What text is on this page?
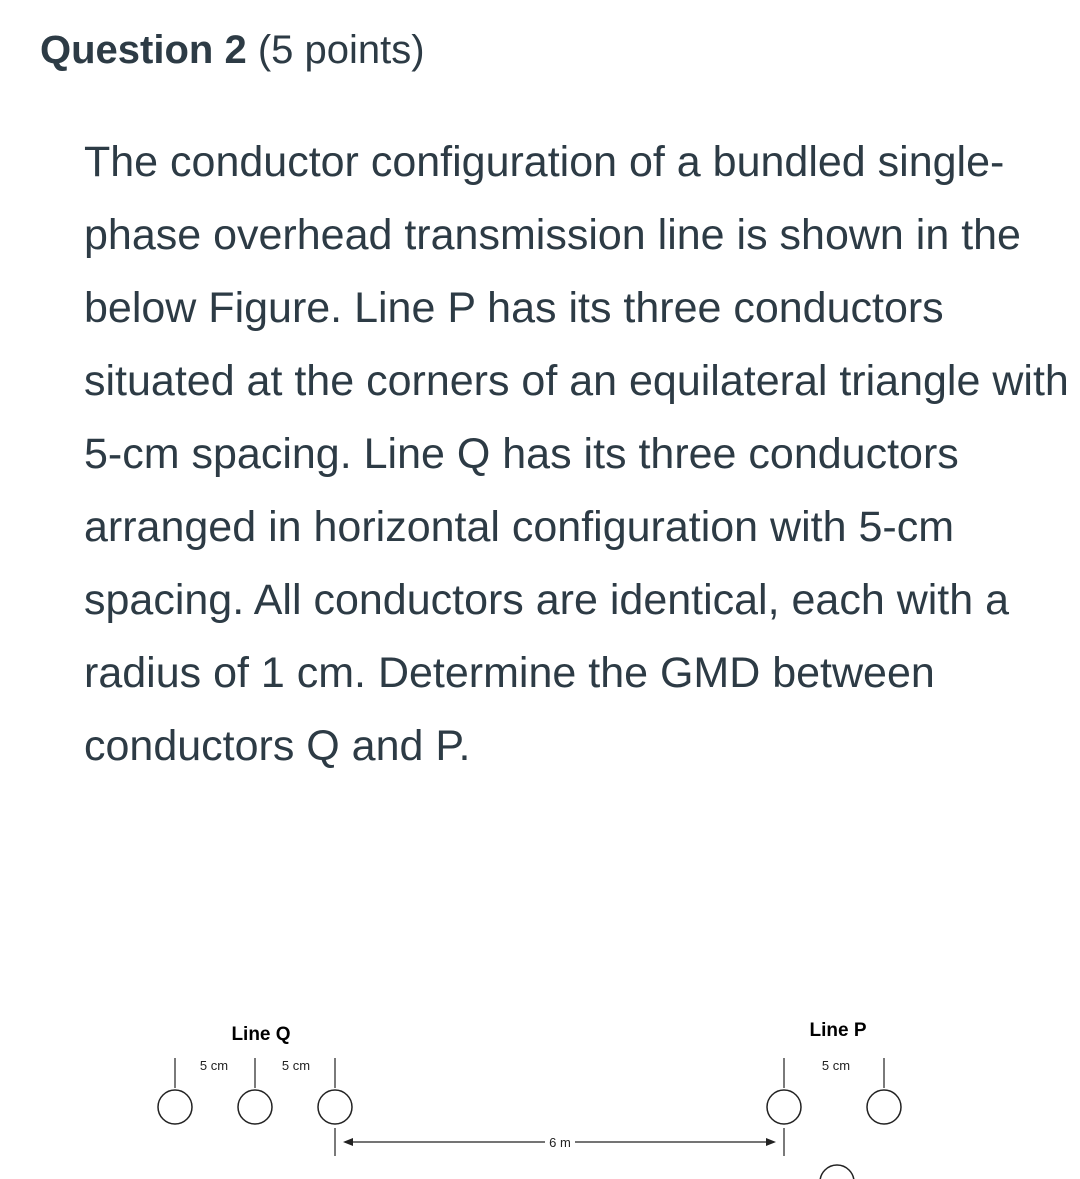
Question 2 (5 points)

The conductor configuration of a bundled single-phase overhead transmission line is shown in the below Figure. Line P has its three conductors situated at the corners of an equilateral triangle with 5-cm spacing. Line Q has its three conductors arranged in horizontal configuration with 5-cm spacing. All conductors are identical, each with a radius of 1 cm. Determine the GMD between conductors Q and P.

Line Q	Line P
5 cm	5 cm	5 cm
6 m
